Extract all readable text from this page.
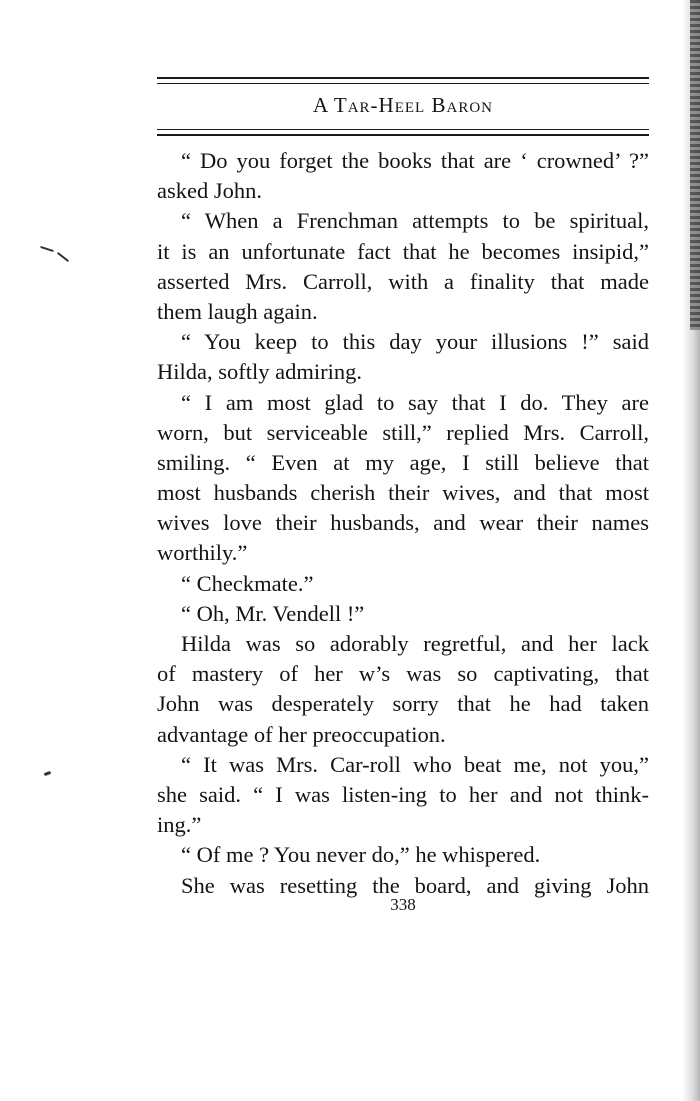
A TAR-HEEL BARON
“ Do you forget the books that are ‘ crowned’ ?”
asked John.
“ When a Frenchman attempts to be spiritual,
it is an unfortunate fact that he becomes insipid,”
asserted Mrs. Carroll, with a finality that made
them laugh again.
“ You keep to this day your illusions !” said
Hilda, softly admiring.
“ I am most glad to say that I do. They are
worn, but serviceable still,” replied Mrs. Carroll,
smiling. “ Even at my age, I still believe that
most husbands cherish their wives, and that most
wives love their husbands, and wear their names
worthily.”
“ Checkmate.”
“ Oh, Mr. Vendell !”
Hilda was so adorably regretful, and her lack
of mastery of her w’s was so captivating, that
John was desperately sorry that he had taken
advantage of her preoccupation.
“ It was Mrs. Car-roll who beat me, not you,”
she said. “ I was listen-ing to her and not think-
ing.”
“ Of me ? You never do,” he whispered.
She was resetting the board, and giving John
338
